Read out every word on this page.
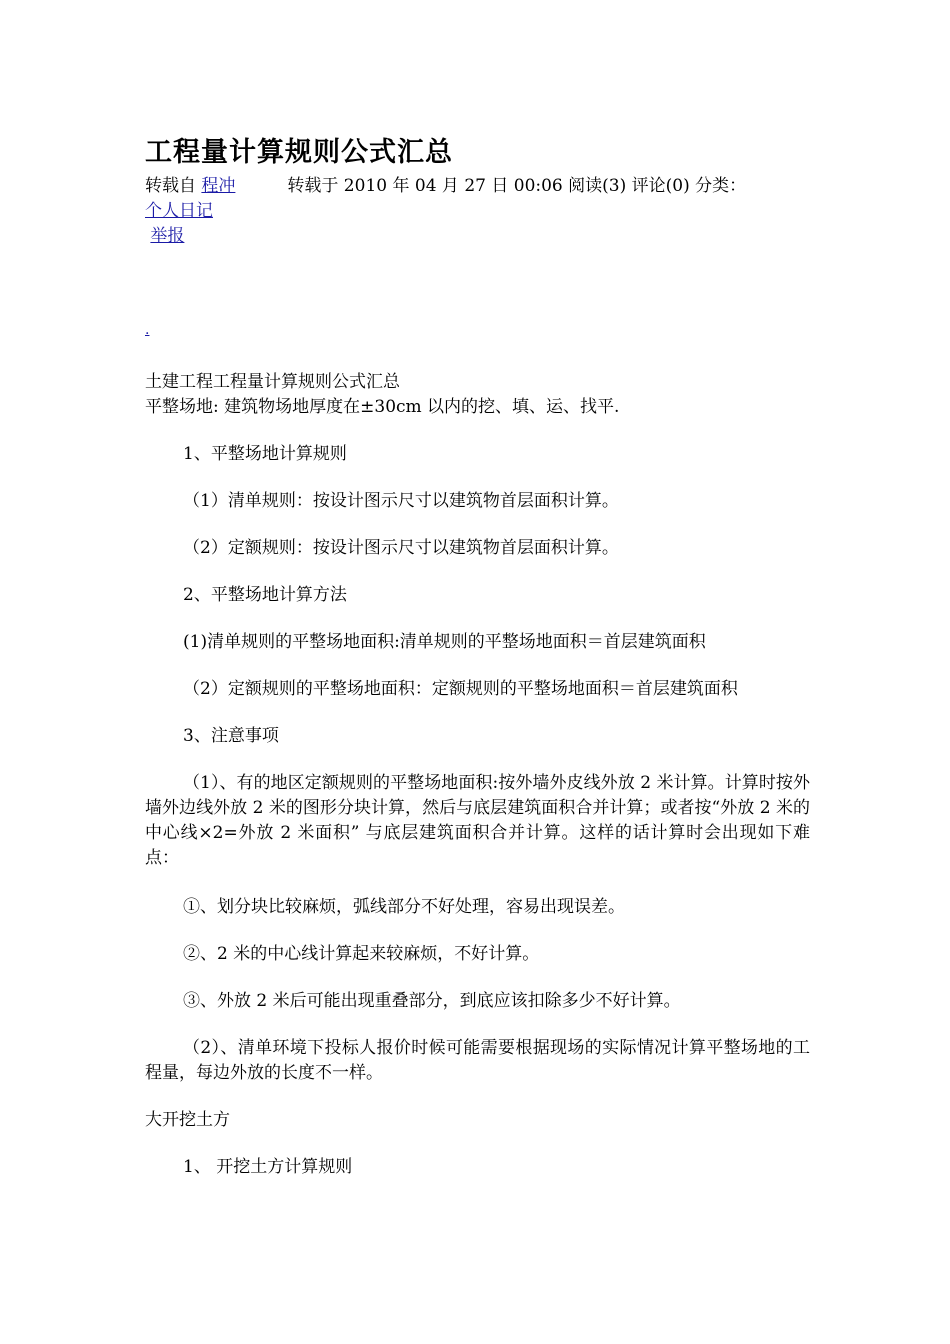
工程量计算规则公式汇总
转载自 程冲	转载于 2010 年 04 月 27 日 00:06 阅读(3) 评论(0) 分类：
个人日记
举报
.
土建工程工程量计算规则公式汇总
平整场地: 建筑物场地厚度在±30cm 以内的挖、填、运、找平.
1、平整场地计算规则
（1）清单规则：按设计图示尺寸以建筑物首层面积计算。
（2）定额规则：按设计图示尺寸以建筑物首层面积计算。
2、平整场地计算方法
(1)清单规则的平整场地面积:清单规则的平整场地面积＝首层建筑面积
（2）定额规则的平整场地面积：定额规则的平整场地面积＝首层建筑面积
3、注意事项
（1）、有的地区定额规则的平整场地面积:按外墙外皮线外放 2 米计算。计算时按外墙外边线外放 2 米的图形分块计算，然后与底层建筑面积合并计算；或者按“外放 2 米的中心线×2=外放 2 米面积” 与底层建筑面积合并计算。这样的话计算时会出现如下难点：
①、划分块比较麻烦，弧线部分不好处理，容易出现误差。
②、2 米的中心线计算起来较麻烦，不好计算。
③、外放 2 米后可能出现重叠部分，到底应该扣除多少不好计算。
（2）、清单环境下投标人报价时候可能需要根据现场的实际情况计算平整场地的工程量，每边外放的长度不一样。
大开挖土方
1、 开挖土方计算规则
